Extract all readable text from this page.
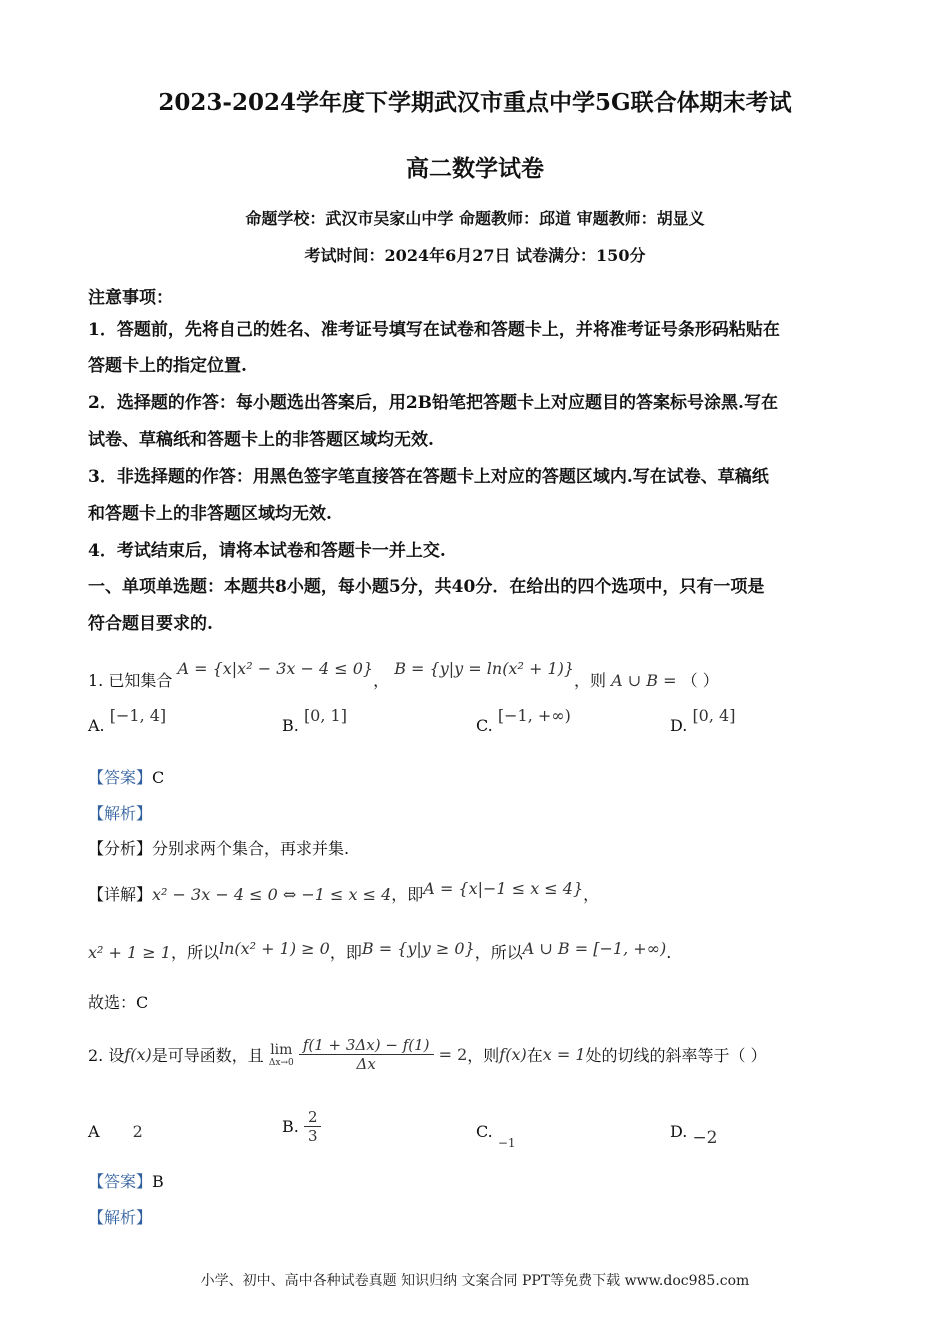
2023-2024学年度下学期武汉市重点中学5G联合体期末考试
高二数学试卷
命题学校：武汉市吴家山中学 命题教师：邱道 审题教师：胡显义
考试时间：2024年6月27日 试卷满分：150分
注意事项：
1．答题前，先将自己的姓名、准考证号填写在试卷和答题卡上，并将准考证号条形码粘贴在
答题卡上的指定位置.
2．选择题的作答：每小题选出答案后，用2B铅笔把答题卡上对应题目的答案标号涂黑.写在
试卷、草稿纸和答题卡上的非答题区域均无效.
3．非选择题的作答：用黑色签字笔直接答在答题卡上对应的答题区域内.写在试卷、草稿纸
和答题卡上的非答题区域均无效.
4．考试结束后，请将本试卷和答题卡一并上交.
一、单项单选题：本题共8小题，每小题5分，共40分．在给出的四个选项中，只有一项是
符合题目要求的.
1. 已知集合 A = {x|x² − 3x − 4 ≤ 0}， B = {y|y = ln(x² + 1)}，则 A ∪ B = （ ）
A. [−1, 4]
B. [0, 1]
C. [−1, +∞)
D. [0, 4]
【答案】C
【解析】
【分析】分别求两个集合，再求并集.
【详解】x² − 3x − 4 ≤ 0 ⇔ −1 ≤ x ≤ 4，即A = {x|−1 ≤ x ≤ 4}，
x² + 1 ≥ 1，所以ln(x² + 1) ≥ 0，即B = {y|y ≥ 0}，所以A ∪ B = [−1, +∞).
故选：C
2. 设f(x)是可导函数，且 lim
Δx→0
$\frac{f(1 + 3\Delta x) - f(1)}{\Delta x} = 2$，则f(x)在x = 1处的切线的斜率等于（ ）
A 2	B. $\frac{2}{3}$	C. $_{-1}$
D. −2
【答案】B
【解析】
小学、初中、高中各种试卷真题 知识归纳 文案合同 PPT等免费下载 www.doc985.com
